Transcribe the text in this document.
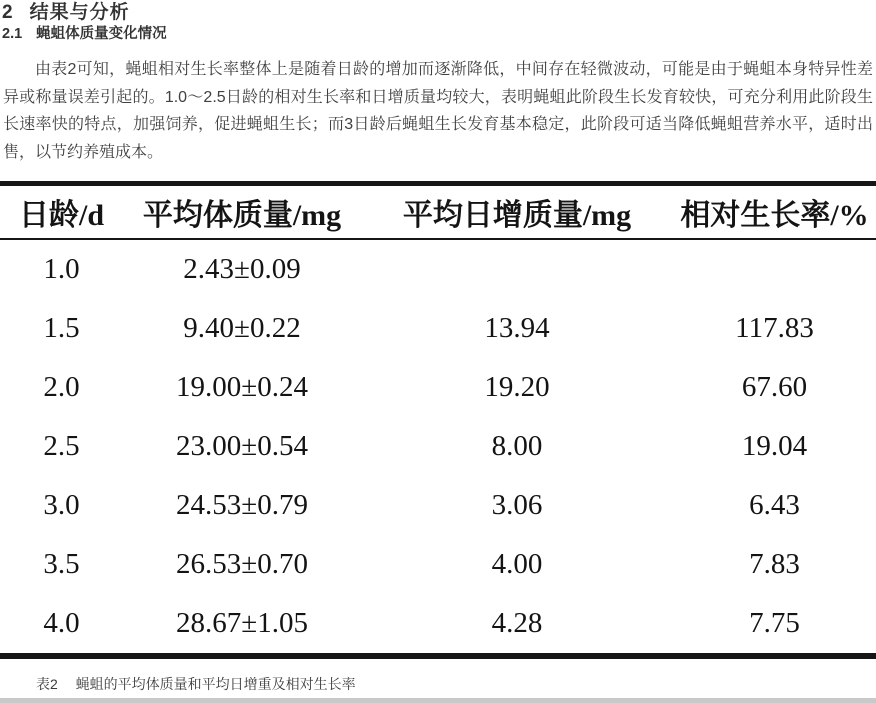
2 结果与分析
2.1 蝇蛆体质量变化情况

由表2可知，蝇蛆相对生长率整体上是随着日龄的增加而逐渐降低，中间存在轻微波动，可能是由于蝇蛆本身特异性差异或称量误差引起的。1.0～2.5日龄的相对生长率和日增质量均较大，表明蝇蛆此阶段生长发育较快，可充分利用此阶段生长速率快的特点，加强饲养，促进蝇蛆生长；而3日龄后蝇蛆生长发育基本稳定，此阶段可适当降低蝇蛆营养水平，适时出售，以节约养殖成本。

日龄/d	平均体质量/mg	平均日增质量/mg	相对生长率/%
1.0	2.43±0.09		
1.5	9.40±0.22	13.94	117.83
2.0	19.00±0.24	19.20	67.60
2.5	23.00±0.54	8.00	19.04
3.0	24.53±0.79	3.06	6.43
3.5	26.53±0.70	4.00	7.83
4.0	28.67±1.05	4.28	7.75
表2 蝇蛆的平均体质量和平均日增重及相对生长率
